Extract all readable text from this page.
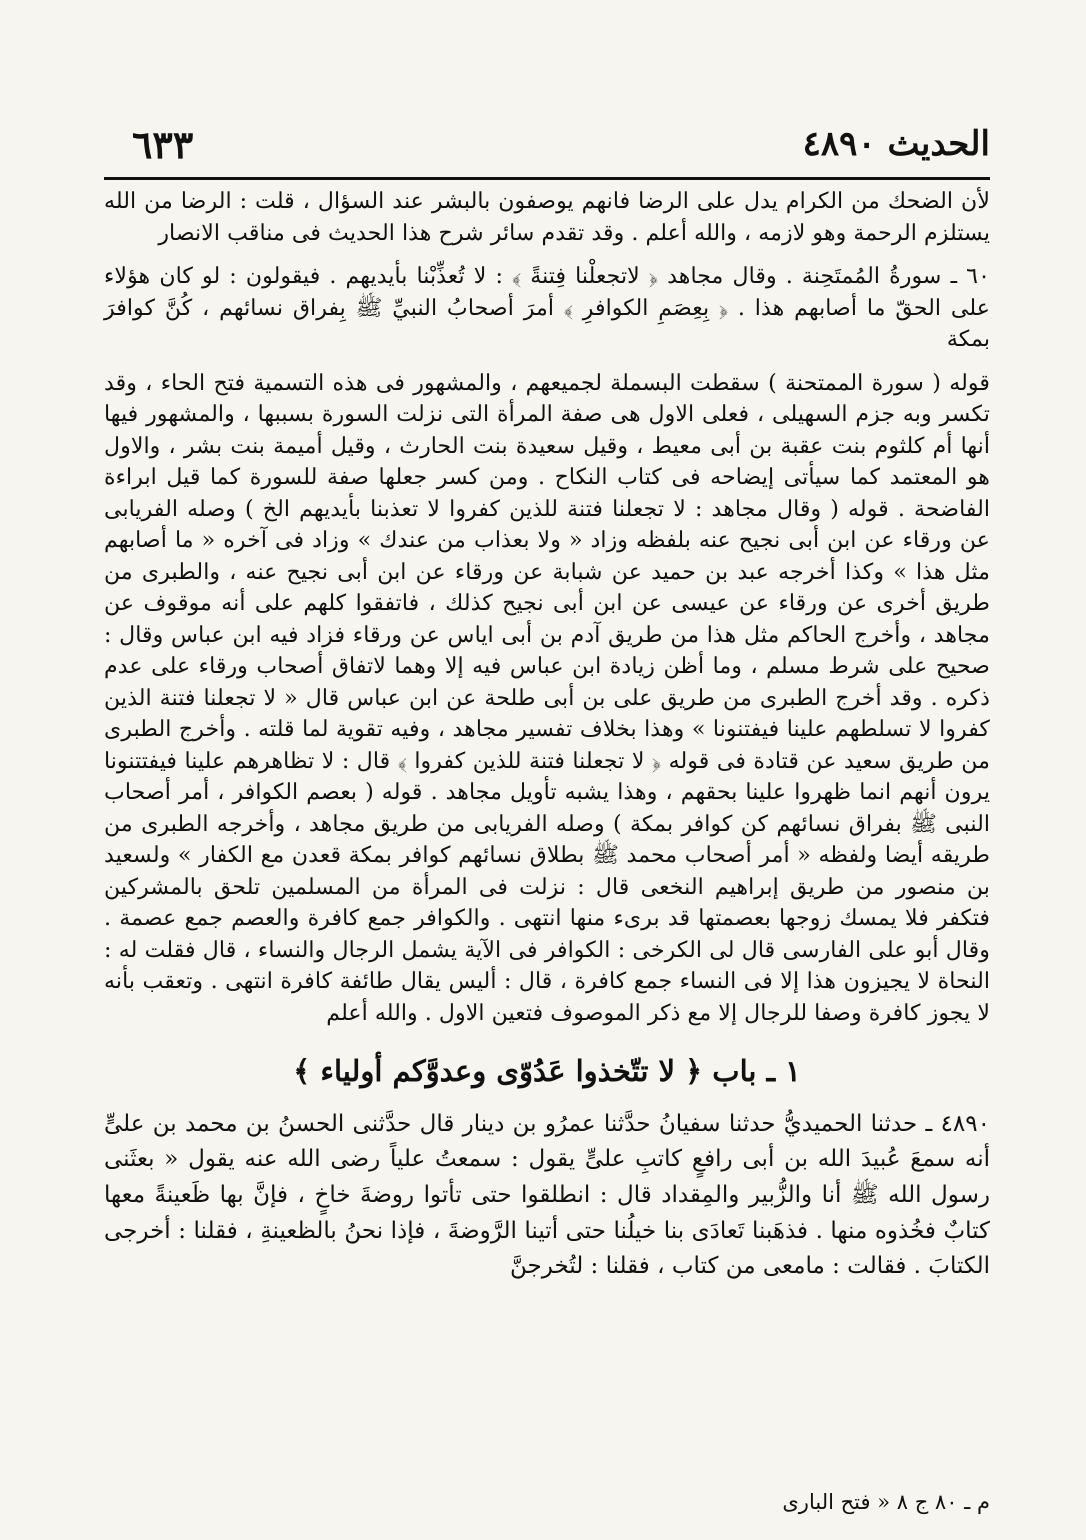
الحديث ٤٨٩٠
٦٣٣

لأن الضحك من الكرام يدل على الرضا فانهم يوصفون بالبشر عند السؤال ، قلت : الرضا من الله يستلزم الرحمة وهو لازمه ، والله أعلم . وقد تقدم سائر شرح هذا الحديث فى مناقب الانصار

٦٠ ـ سورةُ المُمتَحِنة . وقال مجاهد ﴿ لاتجعلْنا فِتنةً ﴾ : لا تُعذِّبْنا بأيديهم . فيقولون : لو كان هؤلاء على الحقّ ما أصابهم هذا . ﴿ بِعِصَمِ الكوافرِ ﴾ أمرَ أصحابُ النبيِّ ﷺ بِفراق نسائهم ، كُنَّ كوافرَ بمكة

قوله ( سورة الممتحنة ) سقطت البسملة لجميعهم ، والمشهور فى هذه التسمية فتح الحاء ، وقد تكسر وبه جزم السهيلى ، فعلى الاول هى صفة المرأة التى نزلت السورة بسببها ، والمشهور فيها أنها أم كلثوم بنت عقبة بن أبى معيط ، وقيل سعيدة بنت الحارث ، وقيل أميمة بنت بشر ، والاول هو المعتمد كما سيأتى إيضاحه فى كتاب النكاح . ومن كسر جعلها صفة للسورة كما قيل ابراءة الفاضحة . قوله ( وقال مجاهد : لا تجعلنا فتنة للذين كفروا لا تعذبنا بأيديهم الخ ) وصله الفريابى عن ورقاء عن ابن أبى نجيح عنه بلفظه وزاد « ولا بعذاب من عندك » وزاد فى آخره « ما أصابهم مثل هذا » وكذا أخرجه عبد بن حميد عن شبابة عن ورقاء عن ابن أبى نجيح عنه ، والطبرى من طريق أخرى عن ورقاء عن عيسى عن ابن أبى نجيح كذلك ، فاتفقوا كلهم على أنه موقوف عن مجاهد ، وأخرج الحاكم مثل هذا من طريق آدم بن أبى اياس عن ورقاء فزاد فيه ابن عباس وقال : صحيح على شرط مسلم ، وما أظن زيادة ابن عباس فيه إلا وهما لاتفاق أصحاب ورقاء على عدم ذكره . وقد أخرج الطبرى من طريق على بن أبى طلحة عن ابن عباس قال « لا تجعلنا فتنة الذين كفروا لا تسلطهم علينا فيفتنونا » وهذا بخلاف تفسير مجاهد ، وفيه تقوية لما قلته . وأخرج الطبرى من طريق سعيد عن قتادة فى قوله ﴿ لا تجعلنا فتنة للذين كفروا ﴾ قال : لا تظاهرهم علينا فيفتتنونا يرون أنهم انما ظهروا علينا بحقهم ، وهذا يشبه تأويل مجاهد . قوله ( بعصم الكوافر ، أمر أصحاب النبى ﷺ بفراق نسائهم كن كوافر بمكة ) وصله الفريابى من طريق مجاهد ، وأخرجه الطبرى من طريقه أيضا ولفظه « أمر أصحاب محمد ﷺ بطلاق نسائهم كوافر بمكة قعدن مع الكفار » ولسعيد بن منصور من طريق إبراهيم النخعى قال : نزلت فى المرأة من المسلمين تلحق بالمشركين فتكفر فلا يمسك زوجها بعصمتها قد برىء منها انتهى . والكوافر جمع كافرة والعصم جمع عصمة . وقال أبو على الفارسى قال لى الكرخى : الكوافر فى الآية يشمل الرجال والنساء ، قال فقلت له : النحاة لا يجيزون هذا إلا فى النساء جمع كافرة ، قال : أليس يقال طائفة كافرة انتهى . وتعقب بأنه لا يجوز كافرة وصفا للرجال إلا مع ذكر الموصوف فتعين الاول . والله أعلم

١ ـ باب ﴿ لا تتّخذوا عَدُوّى وعدوَّكم أولياء ﴾

٤٨٩٠ ـ حدثنا الحميديُّ حدثنا سفيانُ حدَّثنا عمرُو بن دينار قال حدَّثنى الحسنُ بن محمد بن علىٍّ أنه سمعَ عُبيدَ الله بن أبى رافعٍ كاتبِ علىٍّ يقول : سمعتُ علياً رضى الله عنه يقول « بعثَنى رسول الله ﷺ أنا والزُّبير والمِقداد قال : انطلقوا حتى تأتوا روضةَ خاخٍ ، فإنَّ بها ظَعينةً معها كتابٌ فخُذوه منها . فذهَبنا تَعادَى بنا خيلُنا حتى أتينا الرَّوضةَ ، فإذا نحنُ بالظعينةِ ، فقلنا : أخرجى الكتابَ . فقالت : مامعى من كتاب ، فقلنا : لتُخرجنَّ

م ـ ٨٠ ج ٨ « فتح البارى
